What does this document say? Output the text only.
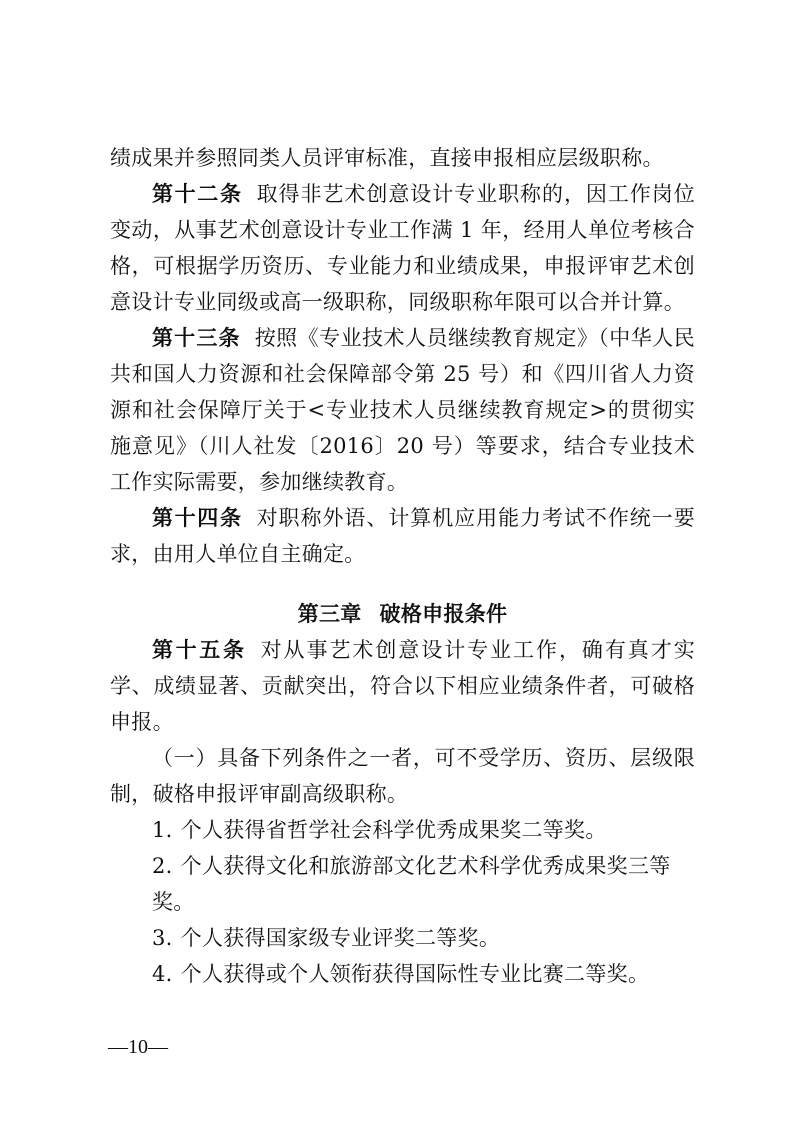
绩成果并参照同类人员评审标准，直接申报相应层级职称。

第十二条 取得非艺术创意设计专业职称的，因工作岗位变动，从事艺术创意设计专业工作满 1 年，经用人单位考核合格，可根据学历资历、专业能力和业绩成果，申报评审艺术创意设计专业同级或高一级职称，同级职称年限可以合并计算。

第十三条 按照《专业技术人员继续教育规定》（中华人民共和国人力资源和社会保障部令第 25 号）和《四川省人力资源和社会保障厅关于<专业技术人员继续教育规定>的贯彻实施意见》（川人社发〔2016〕20 号）等要求，结合专业技术工作实际需要，参加继续教育。

第十四条 对职称外语、计算机应用能力考试不作统一要求，由用人单位自主确定。

第三章 破格申报条件

第十五条 对从事艺术创意设计专业工作，确有真才实学、成绩显著、贡献突出，符合以下相应业绩条件者，可破格申报。

（一）具备下列条件之一者，可不受学历、资历、层级限制，破格申报评审副高级职称。

1. 个人获得省哲学社会科学优秀成果奖二等奖。

2. 个人获得文化和旅游部文化艺术科学优秀成果奖三等奖。

3. 个人获得国家级专业评奖二等奖。

4. 个人获得或个人领衔获得国际性专业比赛二等奖。

—10—
